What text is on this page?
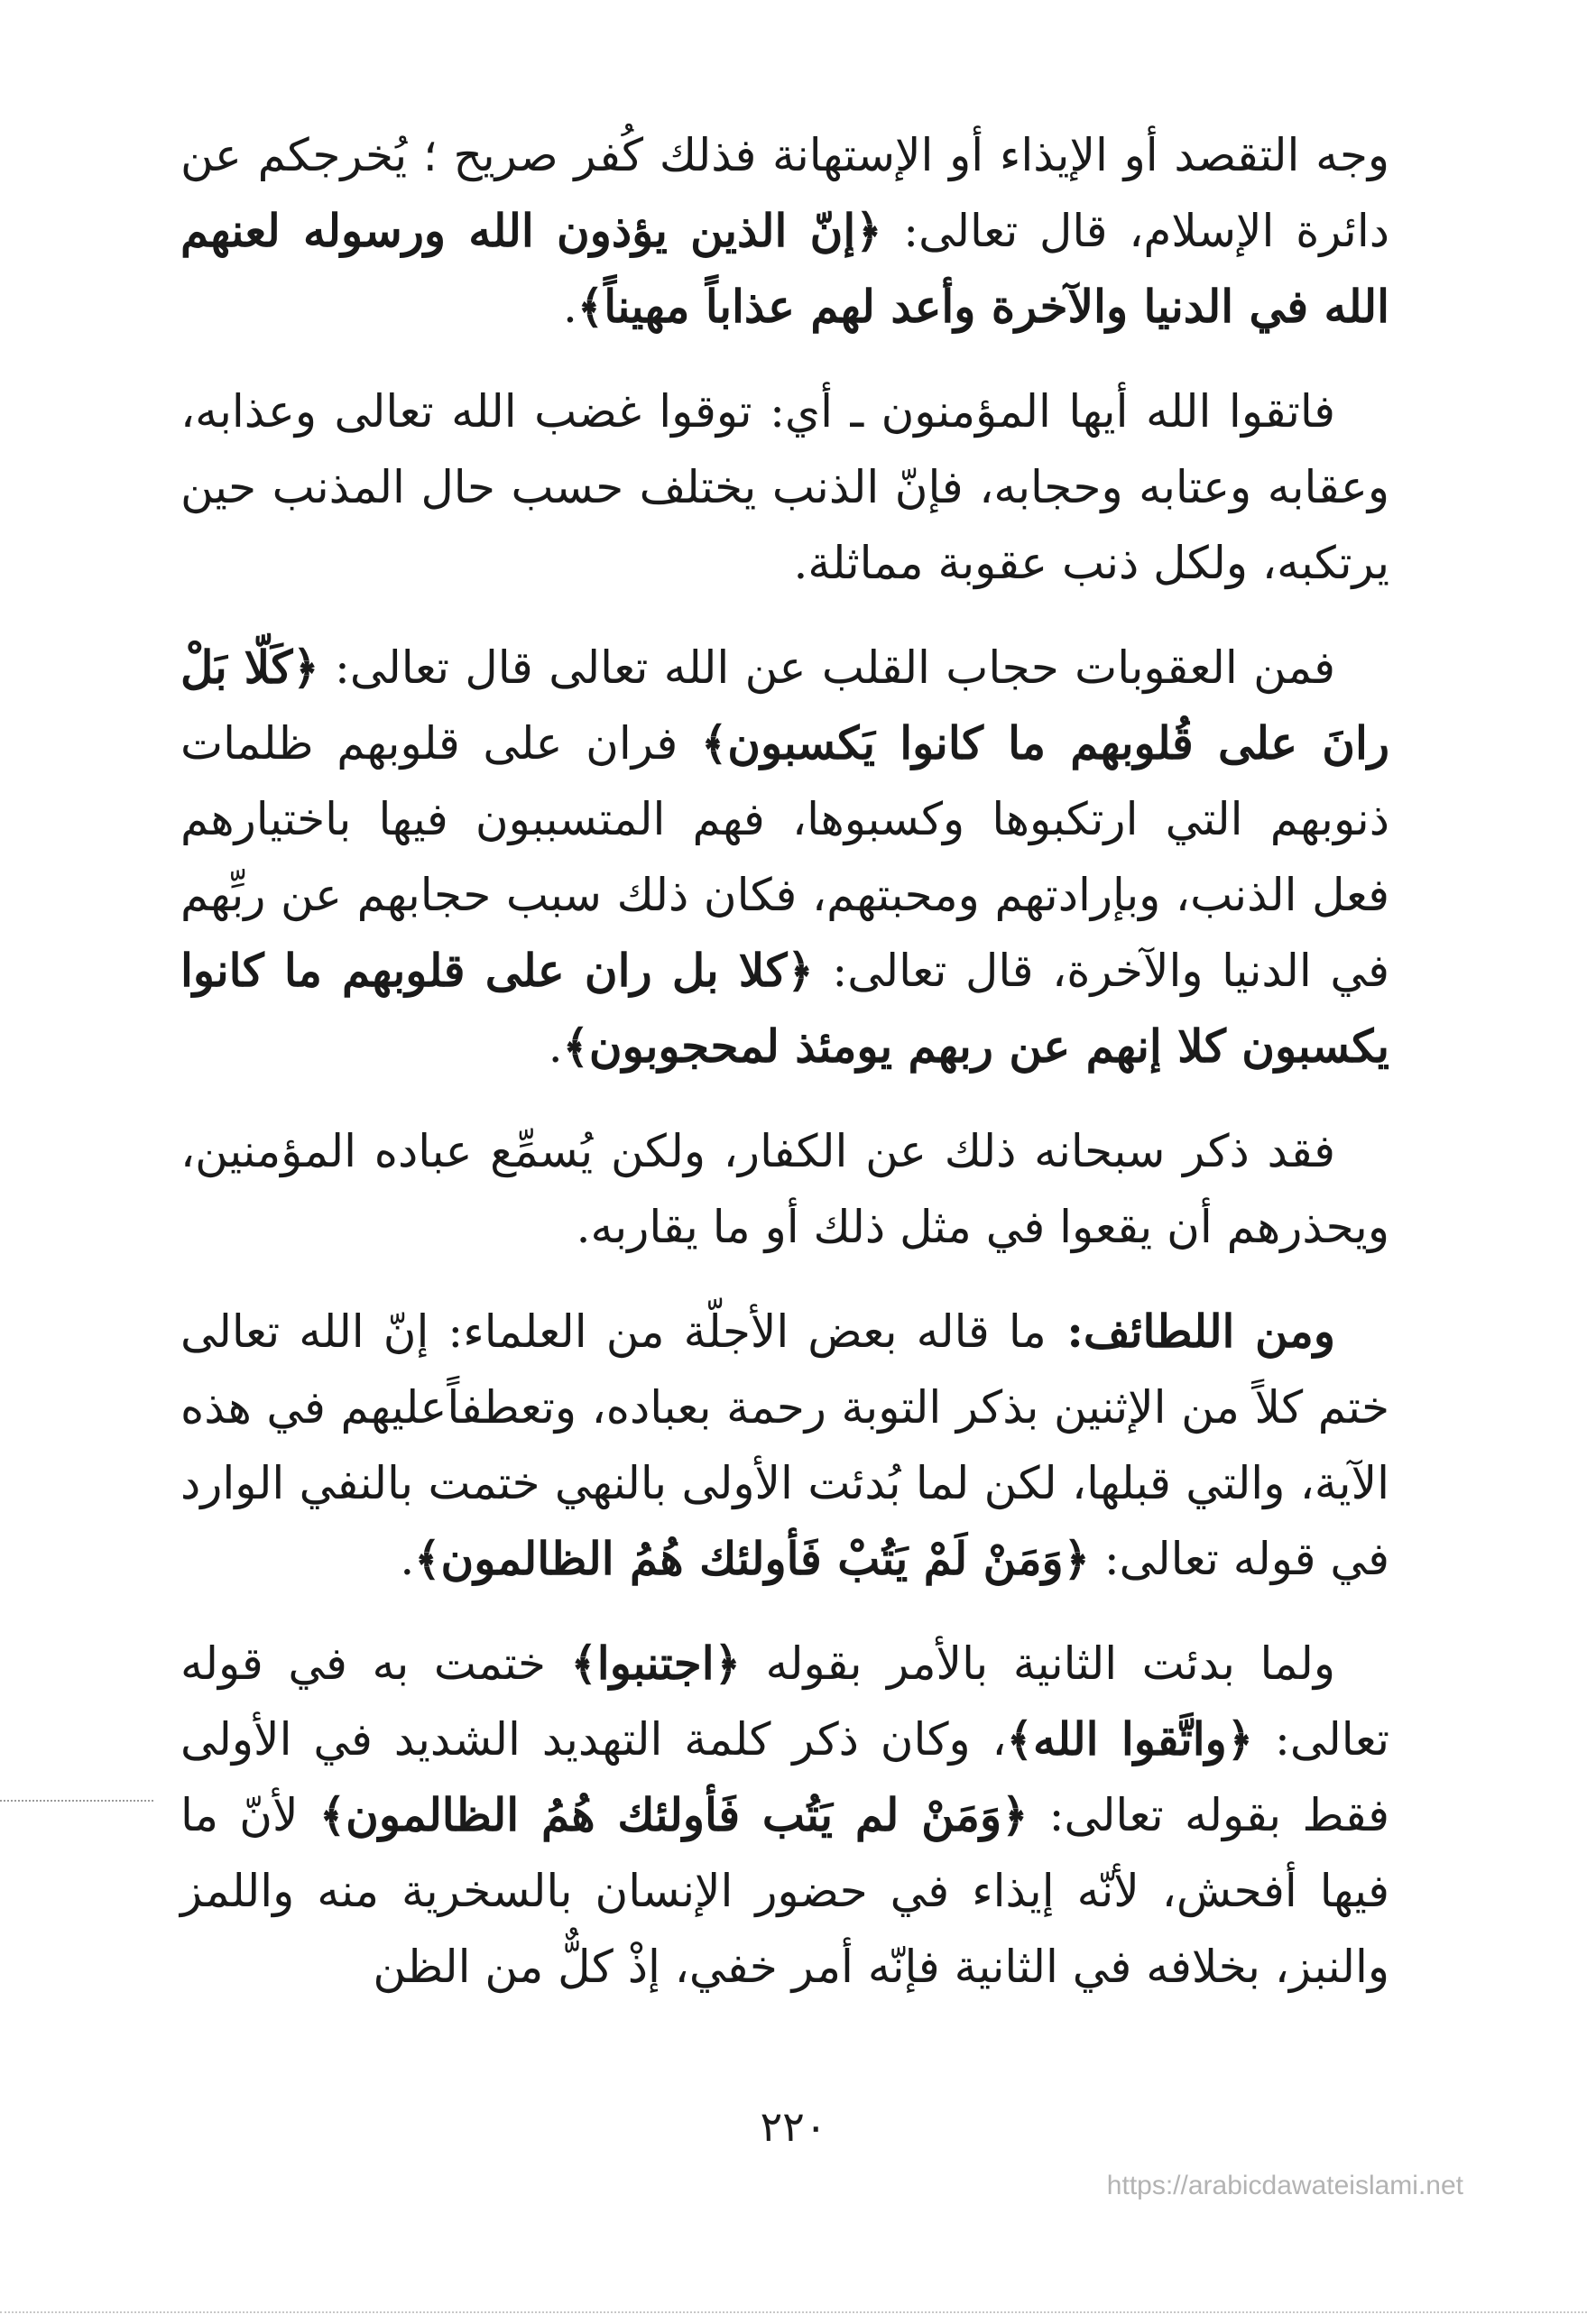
وجه التقصد أو الإيذاء أو الإستهانة فذلك كُفر صريح ؛ يُخرجكم عن دائرة الإسلام، قال تعالى: ﴿إنّ الذين يؤذون الله ورسوله لعنهم الله في الدنيا والآخرة وأعد لهم عذاباً مهيناً﴾.

فاتقوا الله أيها المؤمنون ـ أي: توقوا غضب الله تعالى وعذابه، وعقابه وعتابه وحجابه، فإنّ الذنب يختلف حسب حال المذنب حين يرتكبه، ولكل ذنب عقوبة مماثلة.

فمن العقوبات حجاب القلب عن الله تعالى قال تعالى: ﴿كَلّا بَلْ رانَ على قُلوبهم ما كانوا يَكسبون﴾ فران على قلوبهم ظلمات ذنوبهم التي ارتكبوها وكسبوها، فهم المتسببون فيها باختيارهم فعل الذنب، وبإرادتهم ومحبتهم، فكان ذلك سبب حجابهم عن ربِّهم في الدنيا والآخرة، قال تعالى: ﴿كلا بل ران على قلوبهم ما كانوا يكسبون كلا إنهم عن ربهم يومئذ لمحجوبون﴾.

فقد ذكر سبحانه ذلك عن الكفار، ولكن يُسمِّع عباده المؤمنين، ويحذرهم أن يقعوا في مثل ذلك أو ما يقاربه.

ومن اللطائف: ما قاله بعض الأجلّة من العلماء: إنّ الله تعالى ختم كلاً من الإثنين بذكر التوبة رحمة بعباده، وتعطفاًعليهم في هذه الآية، والتي قبلها، لكن لما بُدئت الأولى بالنهي ختمت بالنفي الوارد في قوله تعالى: ﴿وَمَنْ لَمْ يَتُبْ فَأولئك هُمُ الظالمون﴾.

ولما بدئت الثانية بالأمر بقوله ﴿اجتنبوا﴾ ختمت به في قوله تعالى: ﴿واتَّقوا الله﴾، وكان ذكر كلمة التهديد الشديد في الأولى فقط بقوله تعالى: ﴿وَمَنْ لم يَتُب فَأولئك هُمُ الظالمون﴾ لأنّ ما فيها أفحش، لأنّه إيذاء في حضور الإنسان بالسخرية منه واللمز والنبز، بخلافه في الثانية فإنّه أمر خفي، إذْ كلٌّ من الظن

٢٢٠
https://arabicdawateislami.net
